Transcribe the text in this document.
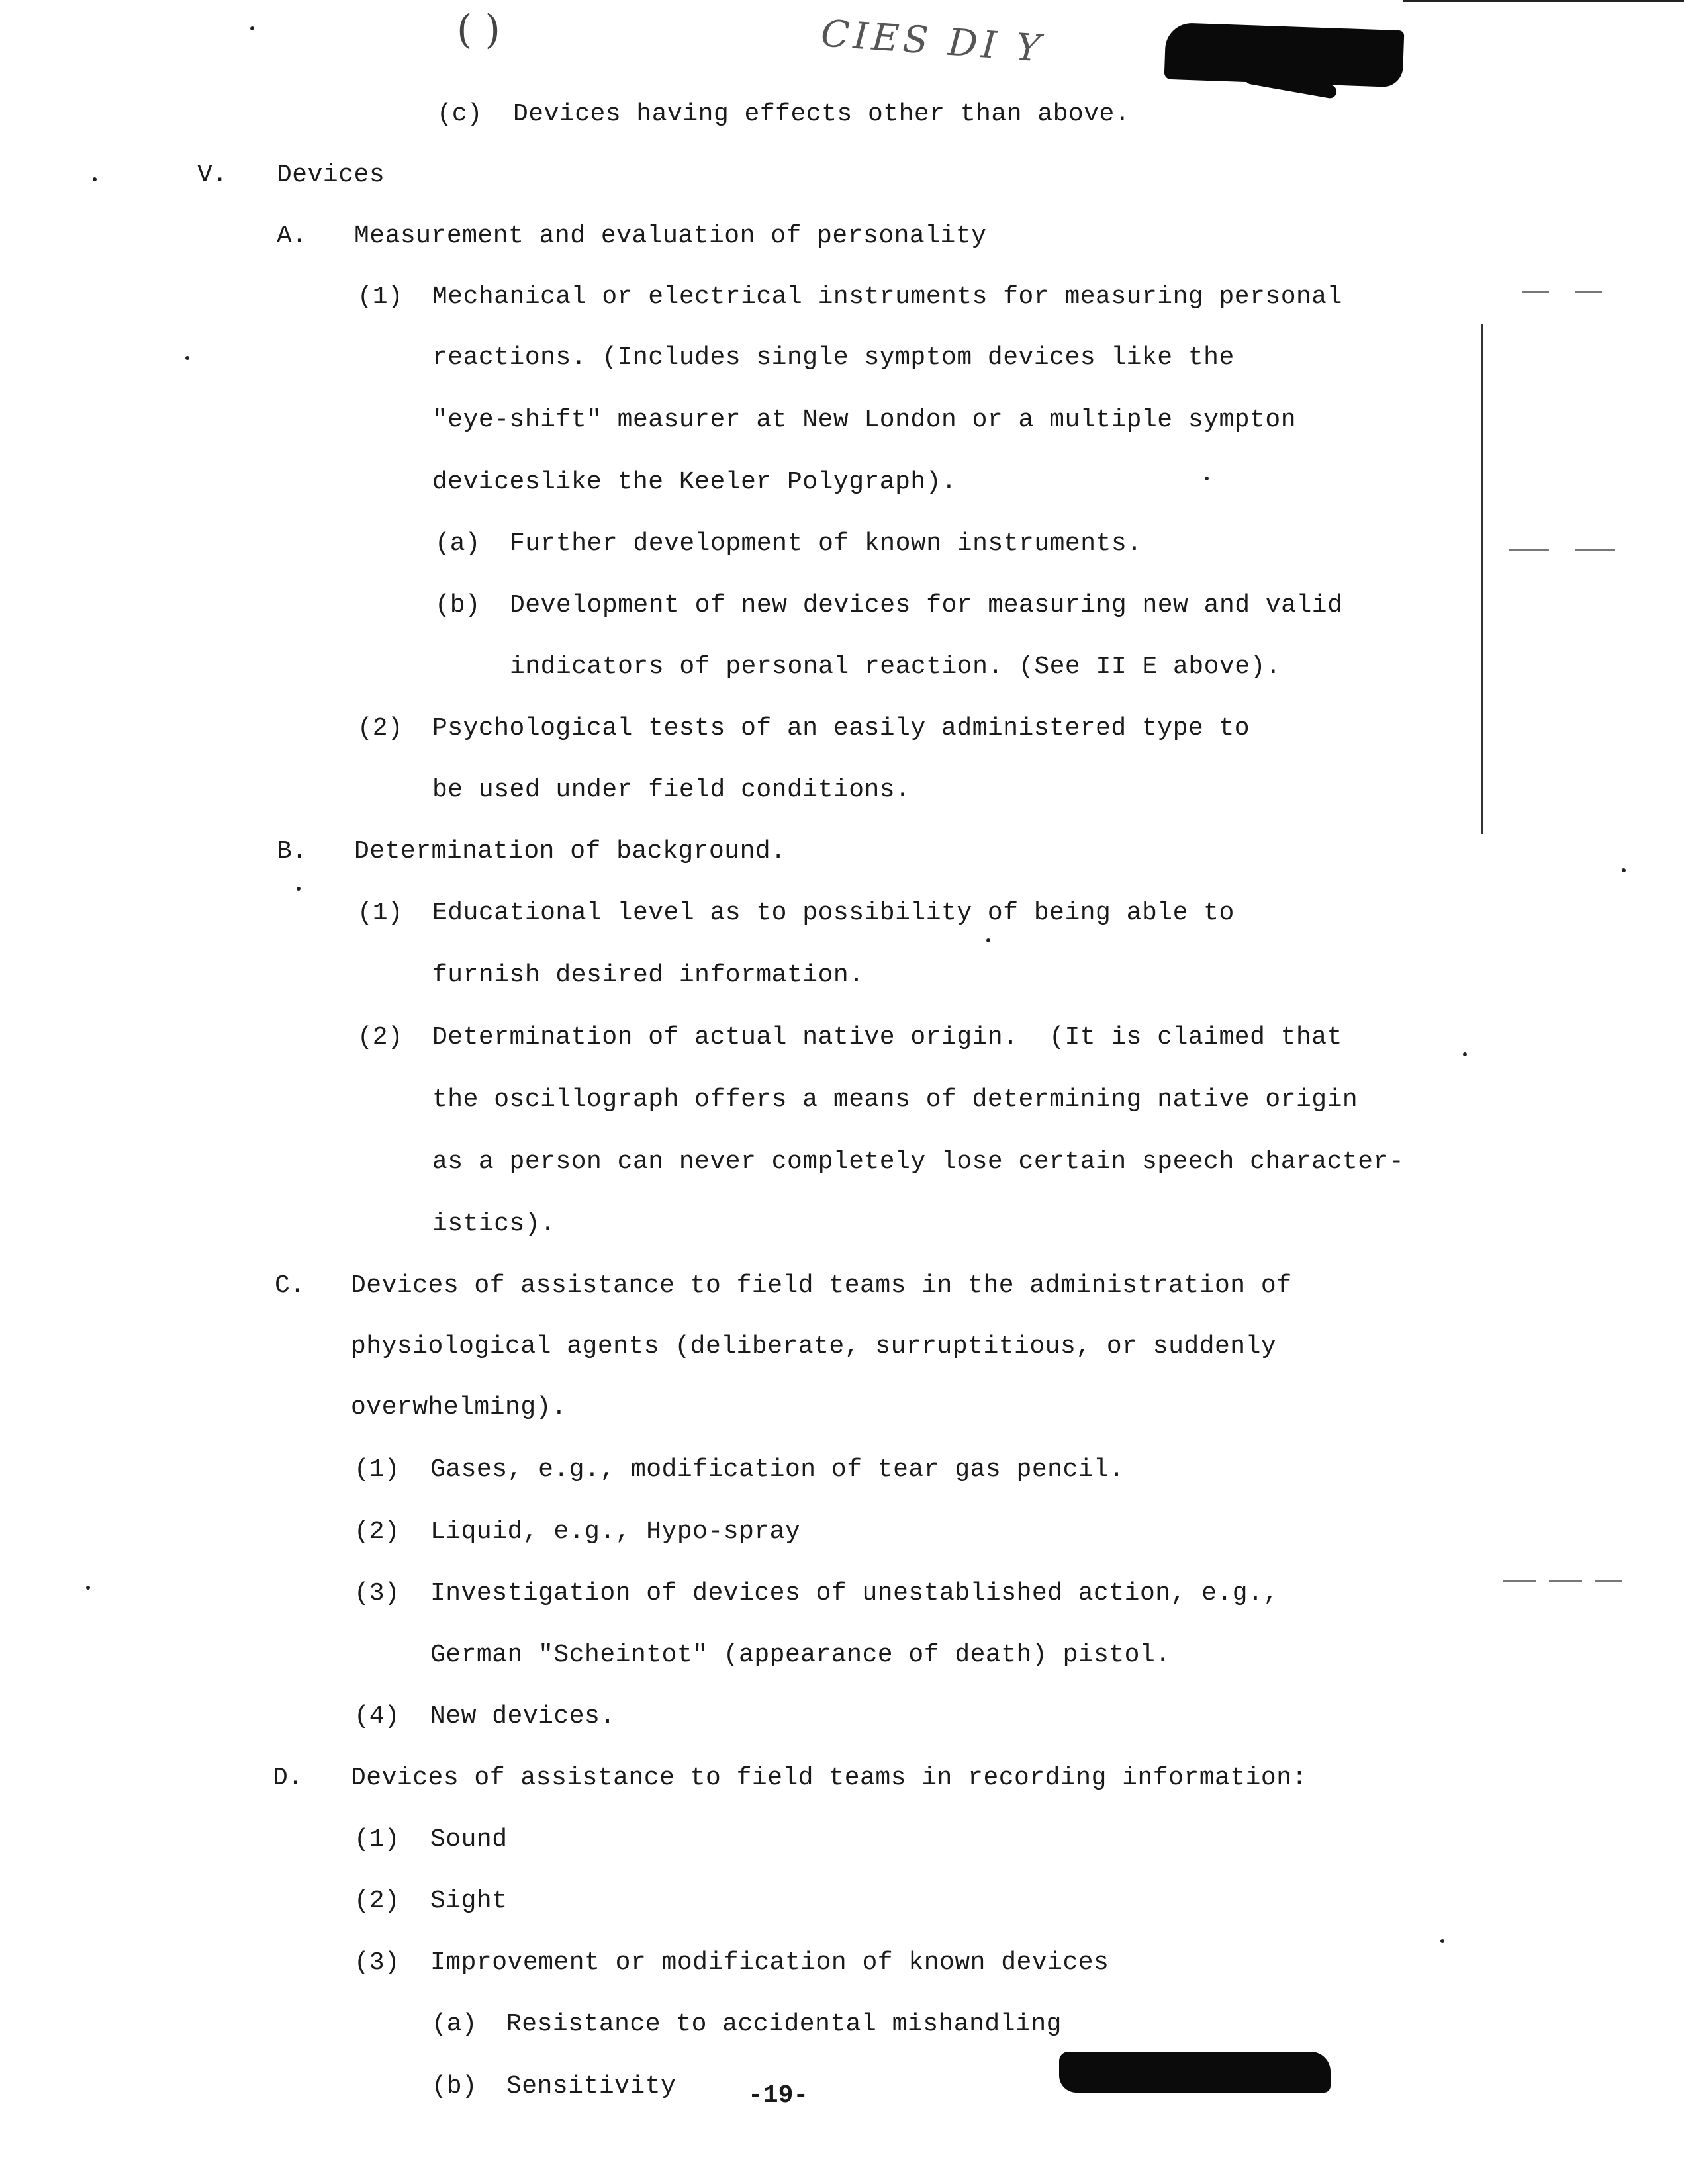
( )	CIES DI Y
(c) Devices having effects other than above.
V. Devices
A. Measurement and evaluation of personality
(1) Mechanical or electrical instruments for measuring personal
reactions. (Includes single symptom devices like the
"eye-shift" measurer at New London or a multiple sympton
deviceslike the Keeler Polygraph).
(a) Further development of known instruments.
(b) Development of new devices for measuring new and valid
indicators of personal reaction. (See II E above).
(2) Psychological tests of an easily administered type to
be used under field conditions.
B. Determination of background.
(1) Educational level as to possibility of being able to
furnish desired information.
(2) Determination of actual native origin.  (It is claimed that
the oscillograph offers a means of determining native origin
as a person can never completely lose certain speech character-
istics).
C. Devices of assistance to field teams in the administration of
physiological agents (deliberate, surruptitious, or suddenly
overwhelming).
(1) Gases, e.g., modification of tear gas pencil.
(2) Liquid, e.g., Hypo-spray
(3) Investigation of devices of unestablished action, e.g.,
German "Scheintot" (appearance of death) pistol.
(4) New devices.
D. Devices of assistance to field teams in recording information:
(1) Sound
(2) Sight
(3) Improvement or modification of known devices
(a) Resistance to accidental mishandling
(b) Sensitivity	-19-
